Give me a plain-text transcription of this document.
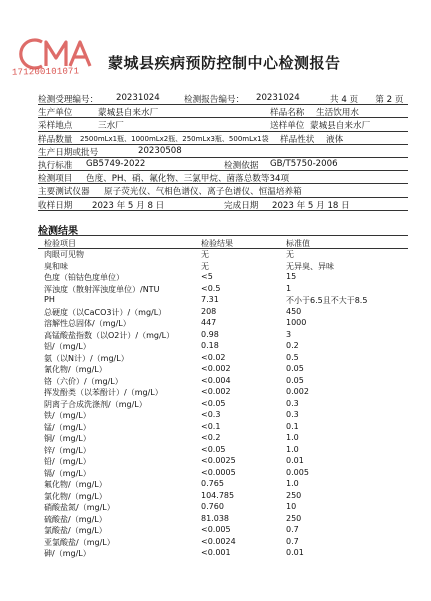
171200101071 蒙城县疾病预防控制中心检测报告
检测受理编号： 20231024	检测报告编号： 20231024	共 4 页　　第 2 页
生产单位	蒙城县自来水厂	样品名称 生活饮用水
采样地点	三水厂	送样单位 蒙城县自来水厂
样品数量 2500mLx1瓶、1000mLx2瓶、250mLx3瓶、500mLx1袋 样品性状 液体
生产日期或批号	20230508
执行标准 GB5749-2022	检测依据 GB/T5750-2006
检测项目 色度、PH、硝、氟化物、三氯甲烷、菌落总数等34项
主要测试仪器 原子荧光仪、气相色谱仪、离子色谱仪、恒温培养箱
收样日期 2023 年 5 月 8 日	完成日期 2023 年 5 月 18 日
检测结果
检验项目	检验结果	标准值
肉眼可见物	无	无
臭和味	无	无异臭、异味
色度（铂钴色度单位）	<5	15
浑浊度（散射浑浊度单位）/NTU	<0.5	1
PH	7.31	不小于6.5且不大于8.5
总硬度（以CaCO3计）/（mg/L）	208	450
溶解性总固体/（mg/L）	447	1000
高锰酸盐指数（以O2计）/（mg/L）	0.98	3
铝/（mg/L）	0.18	0.2
氨（以N计）/（mg/L）	<0.02	0.5
氰化物/（mg/L）	<0.002	0.05
铬（六价）/（mg/L）	<0.004	0.05
挥发酚类（以苯酚计）/（mg/L）	<0.002	0.002
阴离子合成洗涤剂/（mg/L）	<0.05	0.3
铁/（mg/L）	<0.3	0.3
锰/（mg/L）	<0.1	0.1
铜/（mg/L）	<0.2	1.0
锌/（mg/L）	<0.05	1.0
铅/（mg/L）	<0.0025	0.01
镉/（mg/L）	<0.0005	0.005
氟化物/（mg/L）	0.765	1.0
氯化物/（mg/L）	104.785	250
硝酸盐氮/（mg/L）	0.760	10
硫酸盐/（mg/L）	81.038	250
氯酸盐/（mg/L）	<0.005	0.7
亚氯酸盐/（mg/L）	<0.0024	0.7
砷/（mg/L）	<0.001	0.01
